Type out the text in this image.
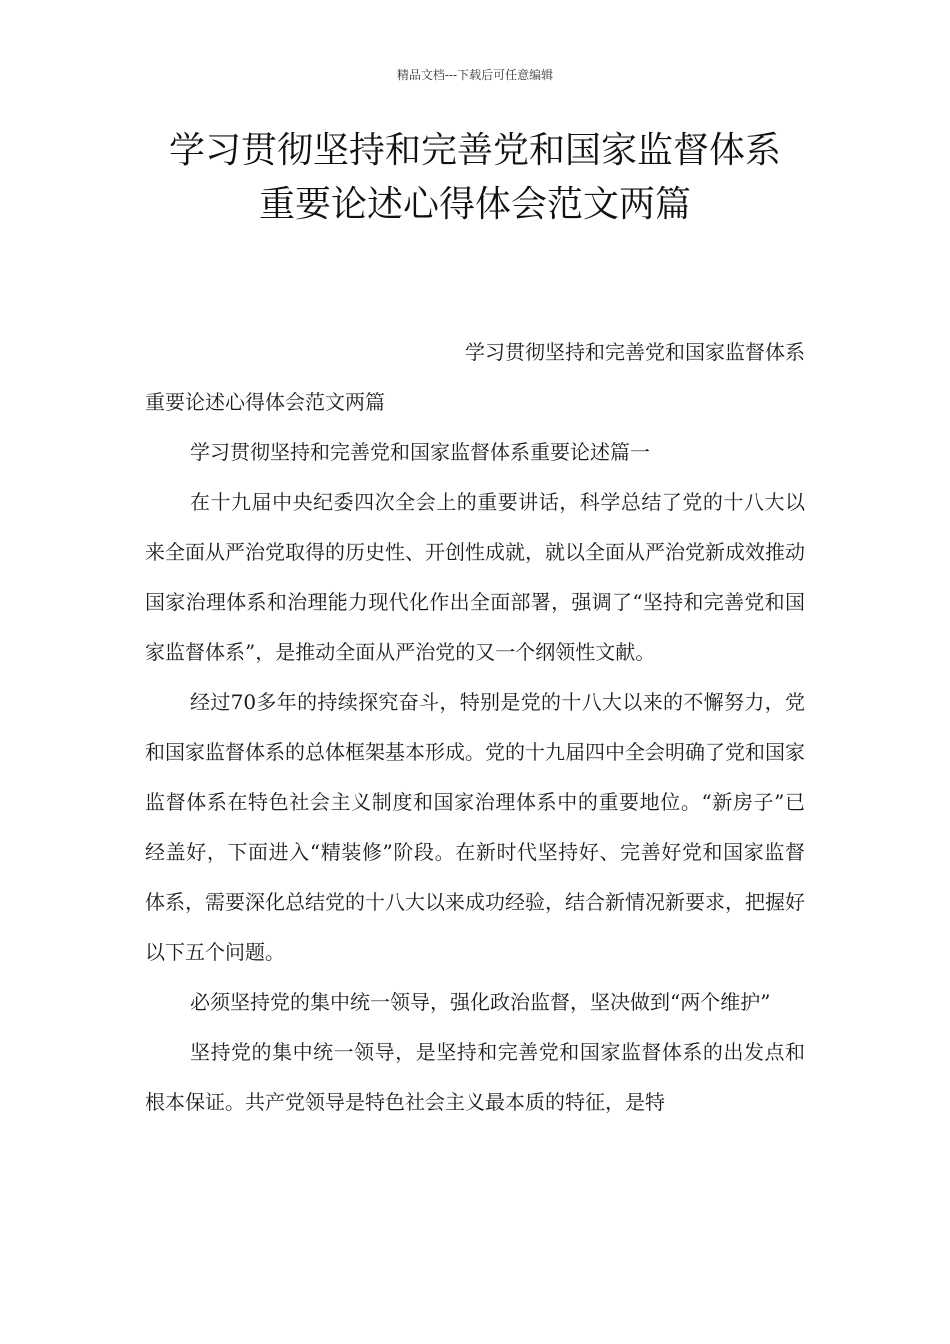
精品文档---下载后可任意编辑
学习贯彻坚持和完善党和国家监督体系
重要论述心得体会范文两篇

学习贯彻坚持和完善党和国家监督体系

重要论述心得体会范文两篇

学习贯彻坚持和完善党和国家监督体系重要论述篇一

在十九届中央纪委四次全会上的重要讲话，科学总结了党的十八大以来全面从严治党取得的历史性、开创性成就，就以全面从严治党新成效推动国家治理体系和治理能力现代化作出全面部署，强调了“坚持和完善党和国家监督体系”，是推动全面从严治党的又一个纲领性文献。

经过70多年的持续探究奋斗，特别是党的十八大以来的不懈努力，党和国家监督体系的总体框架基本形成。党的十九届四中全会明确了党和国家监督体系在特色社会主义制度和国家治理体系中的重要地位。“新房子”已经盖好，下面进入“精装修”阶段。在新时代坚持好、完善好党和国家监督体系，需要深化总结党的十八大以来成功经验，结合新情况新要求，把握好以下五个问题。

必须坚持党的集中统一领导，强化政治监督，坚决做到“两个维护”

坚持党的集中统一领导，是坚持和完善党和国家监督体系的出发点和根本保证。共产党领导是特色社会主义最本质的特征，是特
